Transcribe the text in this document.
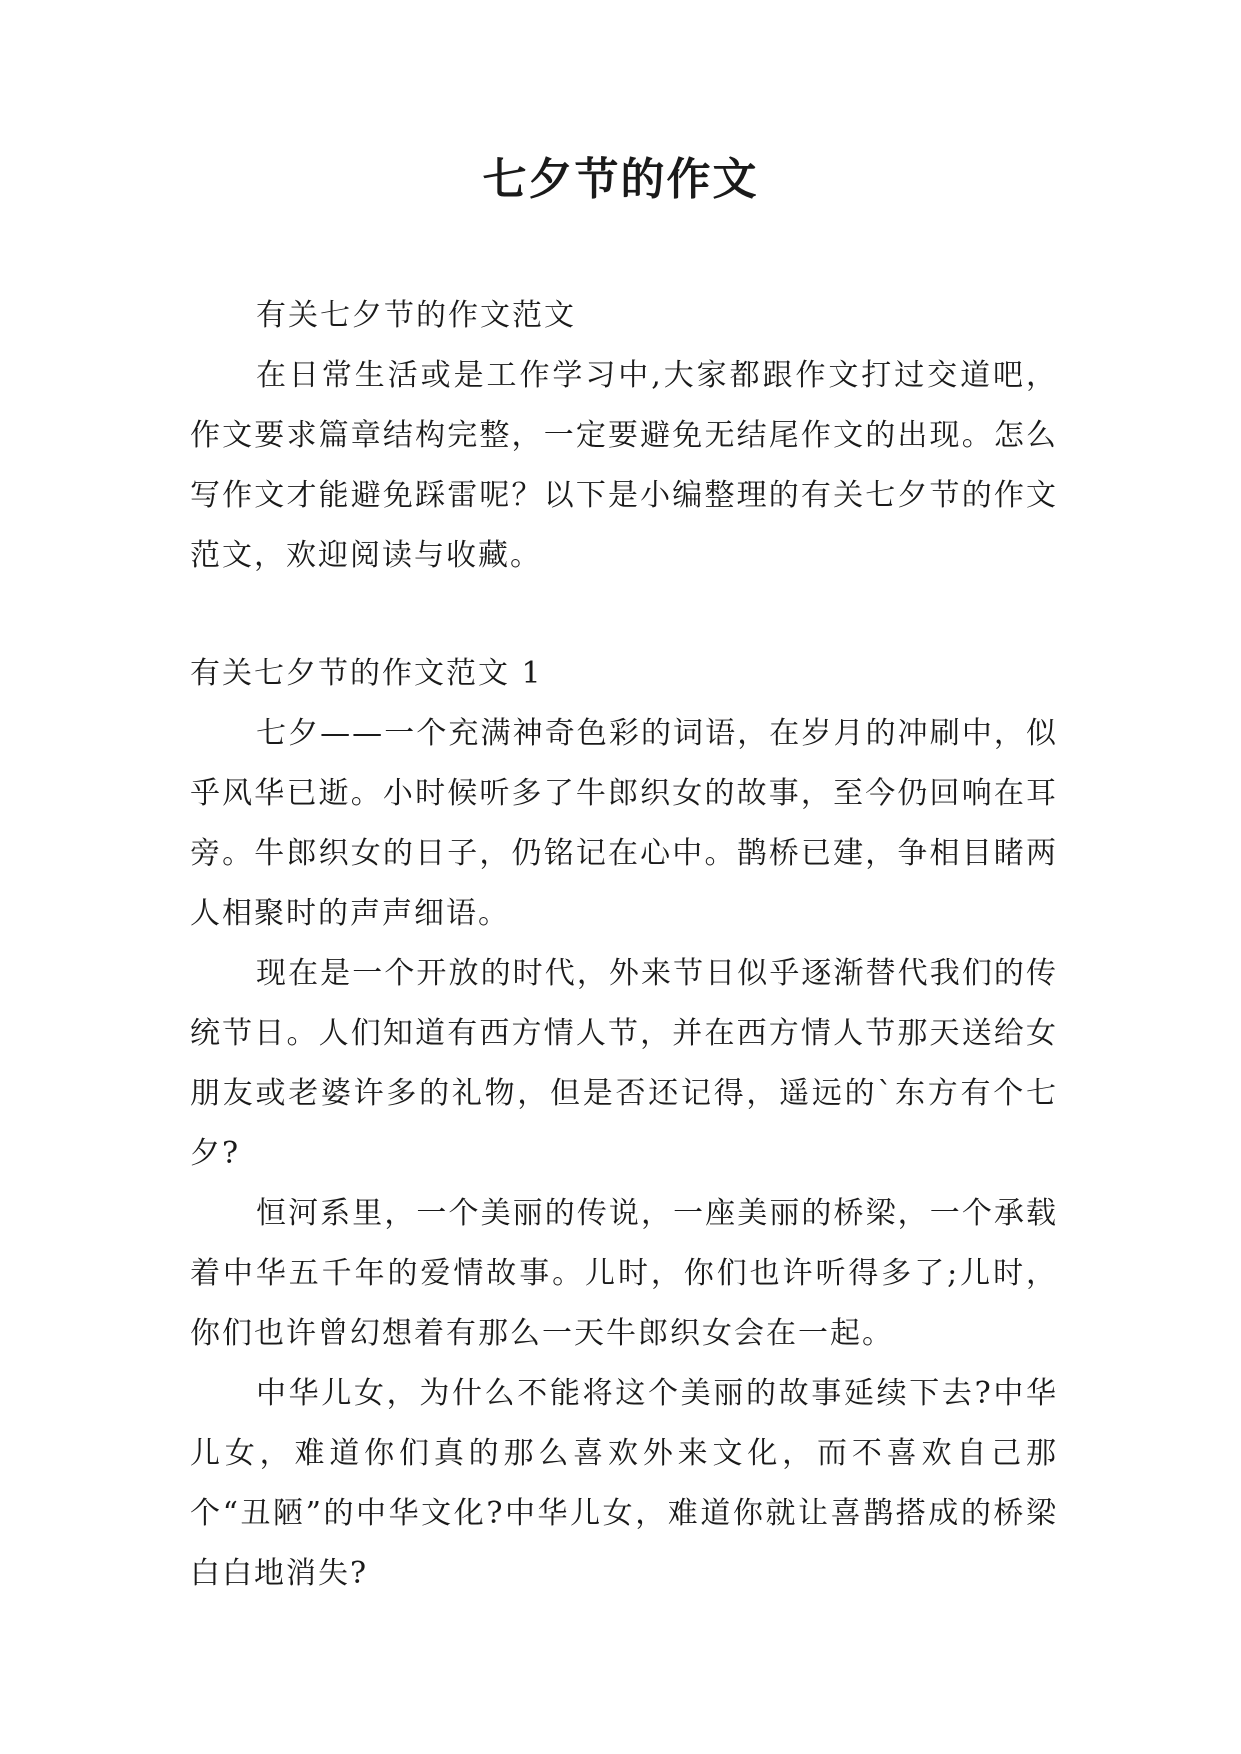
七夕节的作文

有关七夕节的作文范文

在日常生活或是工作学习中,大家都跟作文打过交道吧，作文要求篇章结构完整，一定要避免无结尾作文的出现。怎么写作文才能避免踩雷呢？以下是小编整理的有关七夕节的作文范文，欢迎阅读与收藏。

有关七夕节的作文范文 1

七夕——一个充满神奇色彩的词语，在岁月的冲刷中，似乎风华已逝。小时候听多了牛郎织女的故事，至今仍回响在耳旁。牛郎织女的日子，仍铭记在心中。鹊桥已建，争相目睹两人相聚时的声声细语。

现在是一个开放的时代，外来节日似乎逐渐替代我们的传统节日。人们知道有西方情人节，并在西方情人节那天送给女朋友或老婆许多的礼物，但是否还记得，遥远的`东方有个七夕?

恒河系里，一个美丽的传说，一座美丽的桥梁，一个承载着中华五千年的爱情故事。儿时，你们也许听得多了;儿时，你们也许曾幻想着有那么一天牛郎织女会在一起。

中华儿女，为什么不能将这个美丽的故事延续下去?中华儿女，难道你们真的那么喜欢外来文化，而不喜欢自己那个“丑陋”的中华文化?中华儿女，难道你就让喜鹊搭成的桥梁白白地消失?
